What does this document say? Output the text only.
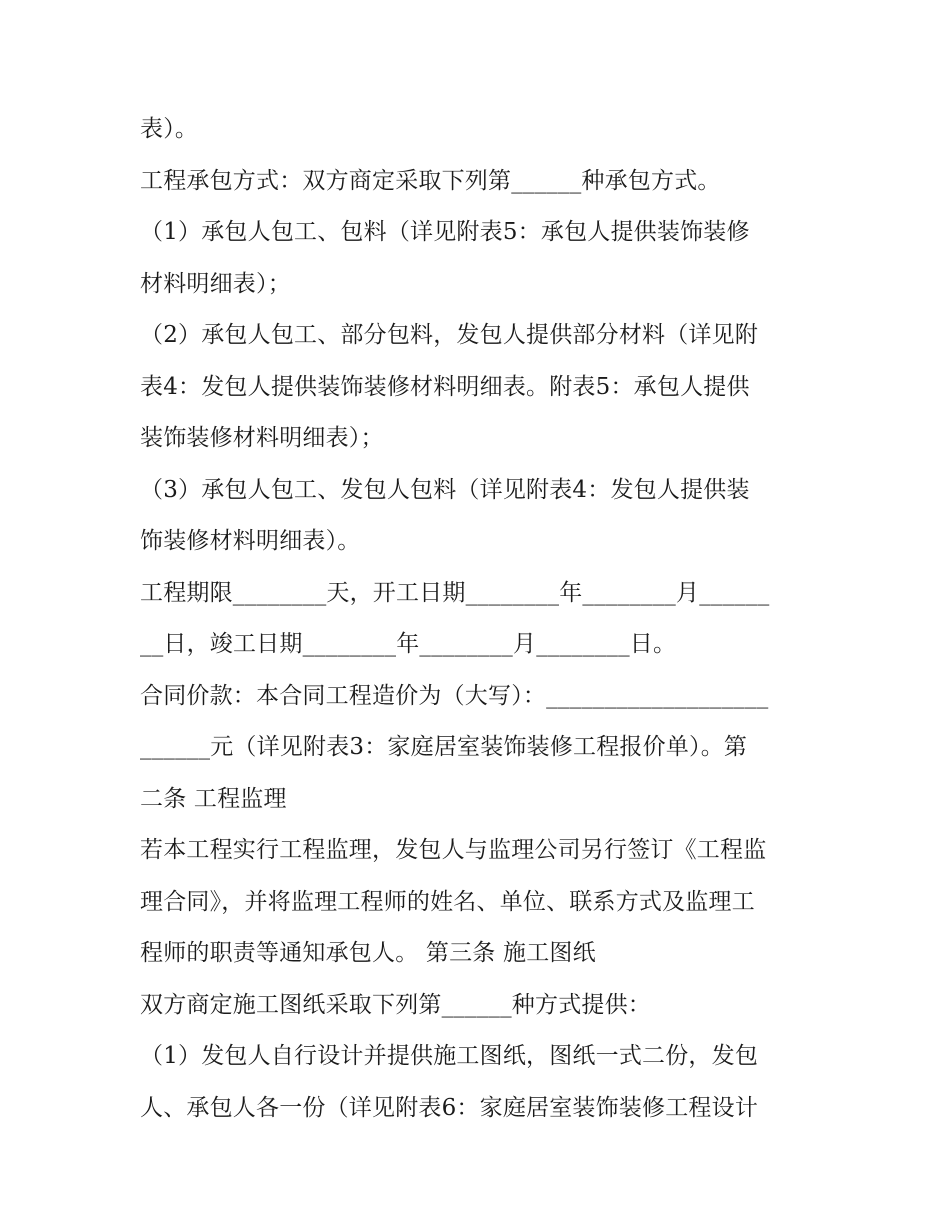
表）。
工程承包方式：双方商定采取下列第______种承包方式。
（1）承包人包工、包料（详见附表5：承包人提供装饰装修
材料明细表）；
（2）承包人包工、部分包料，发包人提供部分材料（详见附
表4：发包人提供装饰装修材料明细表。附表5：承包人提供
装饰装修材料明细表）；
（3）承包人包工、发包人包料（详见附表4：发包人提供装
饰装修材料明细表）。
工程期限________天，开工日期________年________月______
__日，竣工日期________年________月________日。
合同价款：本合同工程造价为（大写）：___________________
______元（详见附表3：家庭居室装饰装修工程报价单）。第
二条 工程监理
若本工程实行工程监理，发包人与监理公司另行签订《工程监
理合同》，并将监理工程师的姓名、单位、联系方式及监理工
程师的职责等通知承包人。 第三条 施工图纸
双方商定施工图纸采取下列第______种方式提供：
（1）发包人自行设计并提供施工图纸，图纸一式二份，发包
人、承包人各一份（详见附表6：家庭居室装饰装修工程设计
